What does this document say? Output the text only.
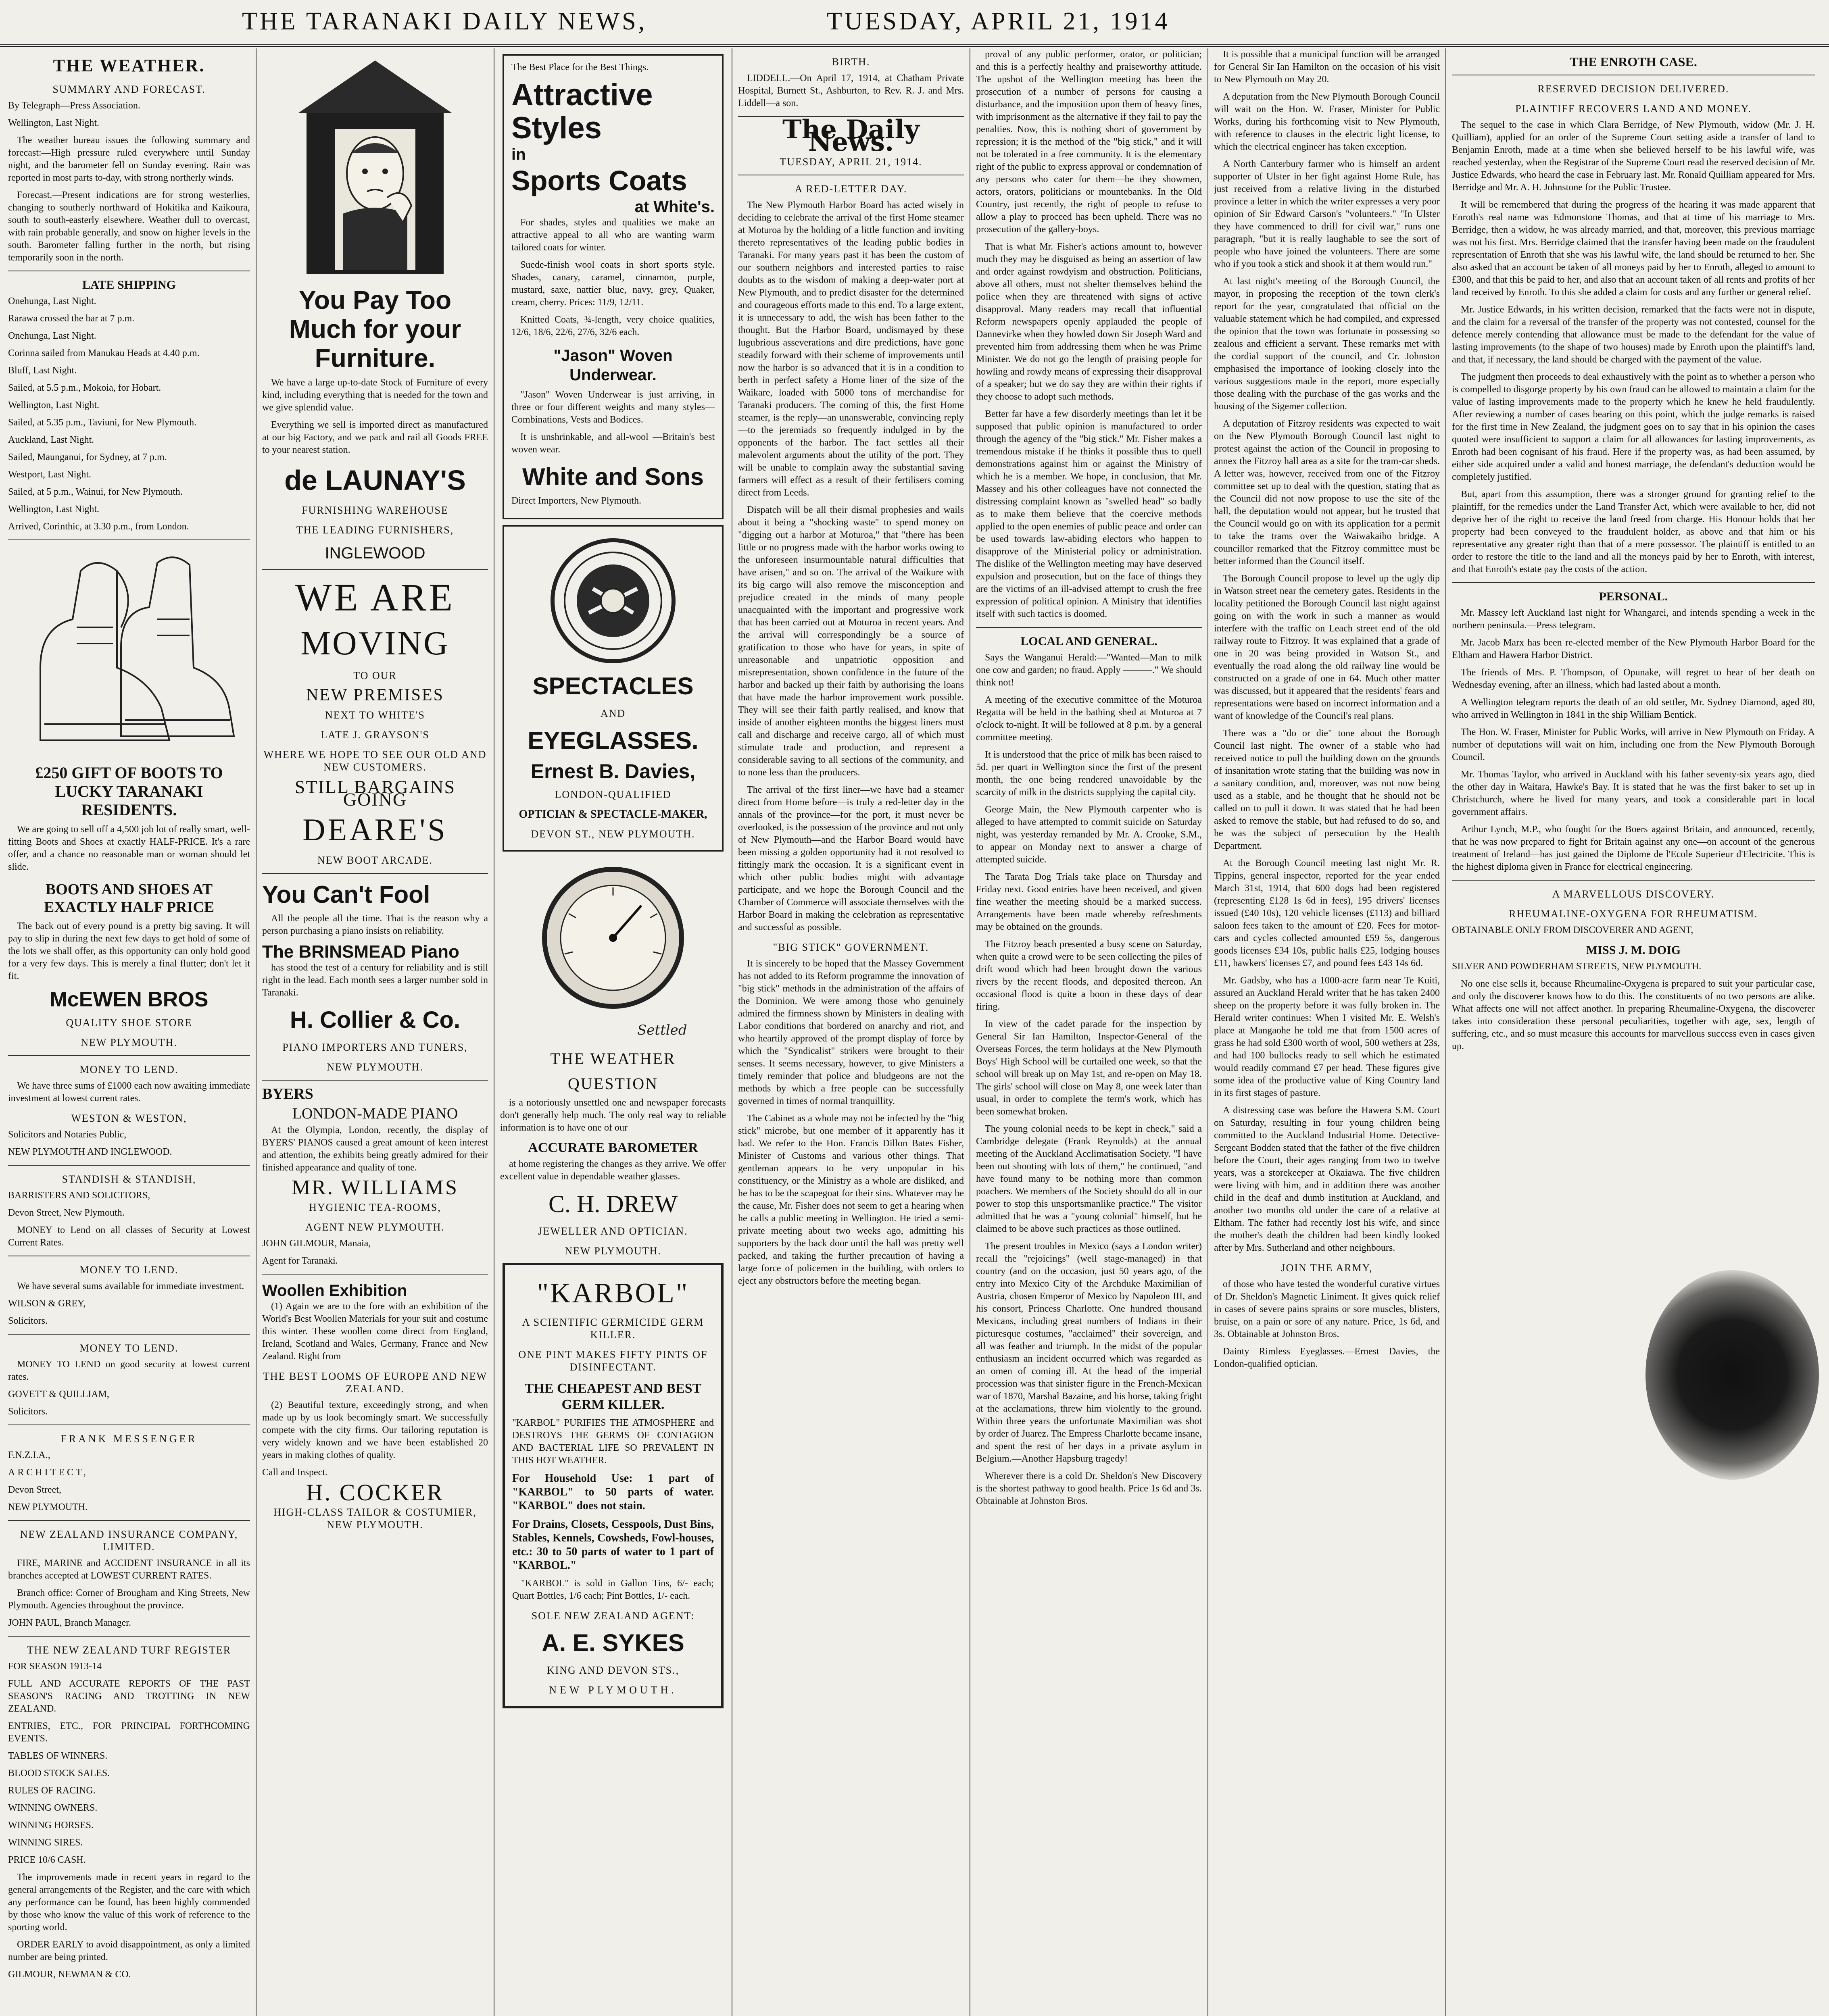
THE TARANAKI DAILY NEWS,	TUESDAY, APRIL 21, 1914
THE WEATHER.
SUMMARY AND FORECAST.

By Telegraph—Press Association.

Wellington, Last Night.

The weather bureau issues the following summary and forecast:—High pressure ruled everywhere until Sunday night, and the barometer fell on Sunday evening. Rain was reported in most parts to-day, with strong northerly winds.

Forecast.—Present indications are for strong westerlies, changing to southerly northward of Hokitika and Kaikoura, south to south-easterly elsewhere. Weather dull to overcast, with rain probable generally, and snow on higher levels in the south. Barometer falling further in the north, but rising temporarily soon in the north.

LATE SHIPPING

Onehunga, Last Night.

Rarawa crossed the bar at 7 p.m.

Onehunga, Last Night.

Corinna sailed from Manukau Heads at 4.40 p.m.

Bluff, Last Night.

Sailed, at 5.5 p.m., Mokoia, for Hobart.

Wellington, Last Night.

Sailed, at 5.35 p.m., Taviuni, for New Plymouth.

Auckland, Last Night.

Sailed, Maunganui, for Sydney, at 7 p.m.

Westport, Last Night.

Sailed, at 5 p.m., Wainui, for New Plymouth.

Wellington, Last Night.

Arrived, Corinthic, at 3.30 p.m., from London.

£250 GIFT OF BOOTS TO LUCKY TARANAKI RESIDENTS.

We are going to sell off a 4,500 job lot of really smart, well-fitting Boots and Shoes at exactly HALF-PRICE. It's a rare offer, and a chance no reasonable man or woman should let slide.

BOOTS AND SHOES AT EXACTLY HALF PRICE

The back out of every pound is a pretty big saving. It will pay to slip in during the next few days to get hold of some of the lots we shall offer, as this opportunity can only hold good for a very few days. This is merely a final flutter; don't let it fit.

McEWEN BROS
QUALITY SHOE STORE
NEW PLYMOUTH.
MONEY TO LEND.

We have three sums of £1000 each now awaiting immediate investment at lowest current rates.

WESTON & WESTON,

Solicitors and Notaries Public,

NEW PLYMOUTH AND INGLEWOOD.

STANDISH & STANDISH,

BARRISTERS AND SOLICITORS,

Devon Street, New Plymouth.

MONEY to Lend on all classes of Security at Lowest Current Rates.

MONEY TO LEND.

We have several sums available for immediate investment.

WILSON & GREY,

Solicitors.

MONEY TO LEND.

MONEY TO LEND on good security at lowest current rates.

GOVETT & QUILLIAM,

Solicitors.

FRANK MESSENGER

F.N.Z.I.A.,

ARCHITECT,

Devon Street,

NEW PLYMOUTH.

NEW ZEALAND INSURANCE COMPANY, LIMITED.

FIRE, MARINE and ACCIDENT INSURANCE in all its branches accepted at LOWEST CURRENT RATES.

Branch office: Corner of Brougham and King Streets, New Plymouth. Agencies throughout the province.

JOHN PAUL, Branch Manager.

THE NEW ZEALAND TURF REGISTER

FOR SEASON 1913-14

FULL AND ACCURATE REPORTS OF THE PAST SEASON'S RACING AND TROTTING IN NEW ZEALAND.

ENTRIES, ETC., FOR PRINCIPAL FORTHCOMING EVENTS.

TABLES OF WINNERS.

BLOOD STOCK SALES.

RULES OF RACING.

WINNING OWNERS.

WINNING HORSES.

WINNING SIRES.

PRICE 10/6 CASH.

The improvements made in recent years in regard to the general arrangements of the Register, and the care with which any performance can be found, has been highly commended by those who know the value of this work of reference to the sporting world.

ORDER EARLY to avoid disappointment, as only a limited number are being printed.

GILMOUR, NEWMAN & CO.

You Pay Too Much for your Furniture.

We have a large up-to-date Stock of Furniture of every kind, including everything that is needed for the town and we give splendid value.

Everything we sell is imported direct as manufactured at our big Factory, and we pack and rail all Goods FREE to your nearest station.

de LAUNAY'S
FURNISHING WAREHOUSE
THE LEADING FURNISHERS,
INGLEWOOD
WE ARE
MOVING
TO OUR
NEW PREMISES
NEXT TO WHITE'S
LATE J. GRAYSON'S
WHERE WE HOPE TO SEE OUR OLD AND NEW CUSTOMERS.
STILL BARGAINS GOING
DEARE'S
NEW BOOT ARCADE.
You Can't Fool

All the people all the time. That is the reason why a person purchasing a piano insists on reliability.

The BRINSMEAD Piano

has stood the test of a century for reliability and is still right in the lead. Each month sees a larger number sold in Taranaki.

H. Collier & Co.
PIANO IMPORTERS AND TUNERS,
NEW PLYMOUTH.
BYERS
LONDON-MADE PIANO

At the Olympia, London, recently, the display of BYERS' PIANOS caused a great amount of keen interest and attention, the exhibits being greatly admired for their finished appearance and quality of tone.

MR. WILLIAMS
HYGIENIC TEA-ROOMS,
AGENT NEW PLYMOUTH.

JOHN GILMOUR, Manaia,

Agent for Taranaki.

Woollen Exhibition

(1) Again we are to the fore with an exhibition of the World's Best Woollen Materials for your suit and costume this winter. These woollen come direct from England, Ireland, Scotland and Wales, Germany, France and New Zealand. Right from

THE BEST LOOMS OF EUROPE AND NEW ZEALAND.

(2) Beautiful texture, exceedingly strong, and when made up by us look becomingly smart. We successfully compete with the city firms. Our tailoring reputation is very widely known and we have been established 20 years in making clothes of quality.

Call and Inspect.

H. COCKER
HIGH-CLASS TAILOR & COSTUMIER, NEW PLYMOUTH.

The Best Place for the Best Things.

Attractive
Styles
in
Sports Coats
at White's.

For shades, styles and qualities we make an attractive appeal to all who are wanting warm tailored coats for winter.

Suede-finish wool coats in short sports style. Shades, canary, caramel, cinnamon, purple, mustard, saxe, nattier blue, navy, grey, Quaker, cream, cherry. Prices: 11/9, 12/11.

Knitted Coats, ¾-length, very choice qualities, 12/6, 18/6, 22/6, 27/6, 32/6 each.

"Jason" Woven Underwear.

"Jason" Woven Underwear is just arriving, in three or four different weights and many styles—Combinations, Vests and Bodices.

It is unshrinkable, and all-wool —Britain's best woven wear.

White and Sons

Direct Importers, New Plymouth.

SPECTACLES
AND
EYEGLASSES.
Ernest B. Davies,
LONDON-QUALIFIED
OPTICIAN & SPECTACLE-MAKER,
DEVON ST., NEW PLYMOUTH.
Settled
THE WEATHER
QUESTION

is a notoriously unsettled one and newspaper forecasts don't generally help much. The only real way to reliable information is to have one of our

ACCURATE BAROMETER

at home registering the changes as they arrive. We offer excellent value in dependable weather glasses.

C. H. DREW
JEWELLER AND OPTICIAN.
NEW PLYMOUTH.
"KARBOL"
A SCIENTIFIC GERMICIDE GERM KILLER.
ONE PINT MAKES FIFTY PINTS OF DISINFECTANT.
THE CHEAPEST AND BEST GERM KILLER.

"KARBOL" PURIFIES THE ATMOSPHERE and DESTROYS THE GERMS OF CONTAGION AND BACTERIAL LIFE SO PREVALENT IN THIS HOT WEATHER.

For Household Use: 1 part of "KARBOL" to 50 parts of water. "KARBOL" does not stain.

For Drains, Closets, Cesspools, Dust Bins, Stables, Kennels, Cowsheds, Fowl-houses, etc.: 30 to 50 parts of water to 1 part of "KARBOL."

"KARBOL" is sold in Gallon Tins, 6/- each; Quart Bottles, 1/6 each; Pint Bottles, 1/- each.

SOLE NEW ZEALAND AGENT:
A. E. SYKES
KING AND DEVON STS.,
NEW PLYMOUTH.
BIRTH.

LIDDELL.—On April 17, 1914, at Chatham Private Hospital, Burnett St., Ashburton, to Rev. R. J. and Mrs. Liddell—a son.

The Daily News.
TUESDAY, APRIL 21, 1914.
A RED-LETTER DAY.

The New Plymouth Harbor Board has acted wisely in deciding to celebrate the arrival of the first Home steamer at Moturoa by the holding of a little function and inviting thereto representatives of the leading public bodies in Taranaki. For many years past it has been the custom of our southern neighbors and interested parties to raise doubts as to the wisdom of making a deep-water port at New Plymouth, and to predict disaster for the determined and courageous efforts made to this end. To a large extent, it is unnecessary to add, the wish has been father to the thought. But the Harbor Board, undismayed by these lugubrious asseverations and dire predictions, have gone steadily forward with their scheme of improvements until now the harbor is so advanced that it is in a condition to berth in perfect safety a Home liner of the size of the Waikare, loaded with 5000 tons of merchandise for Taranaki producers. The coming of this, the first Home steamer, is the reply—an unanswerable, convincing reply—to the jeremiads so frequently indulged in by the opponents of the harbor. The fact settles all their malevolent arguments about the utility of the port. They will be unable to complain away the substantial saving farmers will effect as a result of their fertilisers coming direct from Leeds.

Dispatch will be all their dismal prophesies and wails about it being a "shocking waste" to spend money on "digging out a harbor at Moturoa," that "there has been little or no progress made with the harbor works owing to the unforeseen insurmountable natural difficulties that have arisen," and so on. The arrival of the Waikure with its big cargo will also remove the misconception and prejudice created in the minds of many people unacquainted with the important and progressive work that has been carried out at Moturoa in recent years. And the arrival will correspondingly be a source of gratification to those who have for years, in spite of unreasonable and unpatriotic opposition and misrepresentation, shown confidence in the future of the harbor and backed up their faith by authorising the loans that have made the harbor improvement work possible. They will see their faith partly realised, and know that inside of another eighteen months the biggest liners must call and discharge and receive cargo, all of which must stimulate trade and production, and represent a considerable saving to all sections of the community, and to none less than the producers.

The arrival of the first liner—we have had a steamer direct from Home before—is truly a red-letter day in the annals of the province—for the port, it must never be overlooked, is the possession of the province and not only of New Plymouth—and the Harbor Board would have been missing a golden opportunity had it not resolved to fittingly mark the occasion. It is a significant event in which other public bodies might with advantage participate, and we hope the Borough Council and the Chamber of Commerce will associate themselves with the Harbor Board in making the celebration as representative and successful as possible.

"BIG STICK" GOVERNMENT.

It is sincerely to be hoped that the Massey Government has not added to its Reform programme the innovation of "big stick" methods in the administration of the affairs of the Dominion. We were among those who genuinely admired the firmness shown by Ministers in dealing with Labor conditions that bordered on anarchy and riot, and who heartily approved of the prompt display of force by which the "Syndicalist" strikers were brought to their senses. It seems necessary, however, to give Ministers a timely reminder that police and bludgeons are not the methods by which a free people can be successfully governed in times of normal tranquillity.

The Cabinet as a whole may not be infected by the "big stick" microbe, but one member of it apparently has it bad. We refer to the Hon. Francis Dillon Bates Fisher, Minister of Customs and various other things. That gentleman appears to be very unpopular in his constituency, or the Ministry as a whole are disliked, and he has to be the scapegoat for their sins. Whatever may be the cause, Mr. Fisher does not seem to get a hearing when he calls a public meeting in Wellington. He tried a semi-private meeting about two weeks ago, admitting his supporters by the back door until the hall was pretty well packed, and taking the further precaution of having a large force of policemen in the building, with orders to eject any obstructors before the meeting began.

proval of any public performer, orator, or politician; and this is a perfectly healthy and praiseworthy attitude. The upshot of the Wellington meeting has been the prosecution of a number of persons for causing a disturbance, and the imposition upon them of heavy fines, with imprisonment as the alternative if they fail to pay the penalties. Now, this is nothing short of government by repression; it is the method of the "big stick," and it will not be tolerated in a free community. It is the elementary right of the public to express approval or condemnation of any persons who cater for them—be they showmen, actors, orators, politicians or mountebanks. In the Old Country, just recently, the right of people to refuse to allow a play to proceed has been upheld. There was no prosecution of the gallery-boys.

That is what Mr. Fisher's actions amount to, however much they may be disguised as being an assertion of law and order against rowdyism and obstruction. Politicians, above all others, must not shelter themselves behind the police when they are threatened with signs of active disapproval. Many readers may recall that influential Reform newspapers openly applauded the people of Dannevirke when they howled down Sir Joseph Ward and prevented him from addressing them when he was Prime Minister. We do not go the length of praising people for howling and rowdy means of expressing their disapproval of a speaker; but we do say they are within their rights if they choose to adopt such methods.

Better far have a few disorderly meetings than let it be supposed that public opinion is manufactured to order through the agency of the "big stick." Mr. Fisher makes a tremendous mistake if he thinks it possible thus to quell demonstrations against him or against the Ministry of which he is a member. We hope, in conclusion, that Mr. Massey and his other colleagues have not connected the distressing complaint known as "swelled head" so badly as to make them believe that the coercive methods applied to the open enemies of public peace and order can be used towards law-abiding electors who happen to disapprove of the Ministerial policy or administration. The dislike of the Wellington meeting may have deserved expulsion and prosecution, but on the face of things they are the victims of an ill-advised attempt to crush the free expression of political opinion. A Ministry that identifies itself with such tactics is doomed.

LOCAL AND GENERAL.

Says the Wanganui Herald:—"Wanted—Man to milk one cow and garden; no fraud. Apply ———." We should think not!

A meeting of the executive committee of the Moturoa Regatta will be held in the bathing shed at Moturoa at 7 o'clock to-night. It will be followed at 8 p.m. by a general committee meeting.

It is understood that the price of milk has been raised to 5d. per quart in Wellington since the first of the present month, the one being rendered unavoidable by the scarcity of milk in the districts supplying the capital city.

George Main, the New Plymouth carpenter who is alleged to have attempted to commit suicide on Saturday night, was yesterday remanded by Mr. A. Crooke, S.M., to appear on Monday next to answer a charge of attempted suicide.

The Tarata Dog Trials take place on Thursday and Friday next. Good entries have been received, and given fine weather the meeting should be a marked success. Arrangements have been made whereby refreshments may be obtained on the grounds.

The Fitzroy beach presented a busy scene on Saturday, when quite a crowd were to be seen collecting the piles of drift wood which had been brought down the various rivers by the recent floods, and deposited thereon. An occasional flood is quite a boon in these days of dear firing.

In view of the cadet parade for the inspection by General Sir Ian Hamilton, Inspector-General of the Overseas Forces, the term holidays at the New Plymouth Boys' High School will be curtailed one week, so that the school will break up on May 1st, and re-open on May 18. The girls' school will close on May 8, one week later than usual, in order to complete the term's work, which has been somewhat broken.

The young colonial needs to be kept in check," said a Cambridge delegate (Frank Reynolds) at the annual meeting of the Auckland Acclimatisation Society. "I have been out shooting with lots of them," he continued, "and have found many to be nothing more than common poachers. We members of the Society should do all in our power to stop this unsportsmanlike practice." The visitor admitted that he was a "young colonial" himself, but he claimed to be above such practices as those outlined.

The present troubles in Mexico (says a London writer) recall the "rejoicings" (well stage-managed) in that country (and on the occasion, just 50 years ago, of the entry into Mexico City of the Archduke Maximilian of Austria, chosen Emperor of Mexico by Napoleon III, and his consort, Princess Charlotte. One hundred thousand Mexicans, including great numbers of Indians in their picturesque costumes, "acclaimed" their sovereign, and all was feather and triumph. In the midst of the popular enthusiasm an incident occurred which was regarded as an omen of coming ill. At the head of the imperial procession was that sinister figure in the French-Mexican war of 1870, Marshal Bazaine, and his horse, taking fright at the acclamations, threw him violently to the ground. Within three years the unfortunate Maximilian was shot by order of Juarez. The Empress Charlotte became insane, and spent the rest of her days in a private asylum in Belgium.—Another Hapsburg tragedy!

Wherever there is a cold Dr. Sheldon's New Discovery is the shortest pathway to good health. Price 1s 6d and 3s. Obtainable at Johnston Bros.

It is possible that a municipal function will be arranged for General Sir Ian Hamilton on the occasion of his visit to New Plymouth on May 20.

A deputation from the New Plymouth Borough Council will wait on the Hon. W. Fraser, Minister for Public Works, during his forthcoming visit to New Plymouth, with reference to clauses in the electric light license, to which the electrical engineer has taken exception.

A North Canterbury farmer who is himself an ardent supporter of Ulster in her fight against Home Rule, has just received from a relative living in the disturbed province a letter in which the writer expresses a very poor opinion of Sir Edward Carson's "volunteers." "In Ulster they have commenced to drill for civil war," runs one paragraph, "but it is really laughable to see the sort of people who have joined the volunteers. There are some who if you took a stick and shook it at them would run."

At last night's meeting of the Borough Council, the mayor, in proposing the reception of the town clerk's report for the year, congratulated that official on the valuable statement which he had compiled, and expressed the opinion that the town was fortunate in possessing so zealous and efficient a servant. These remarks met with the cordial support of the council, and Cr. Johnston emphasised the importance of looking closely into the various suggestions made in the report, more especially those dealing with the purchase of the gas works and the housing of the Sigemer collection.

A deputation of Fitzroy residents was expected to wait on the New Plymouth Borough Council last night to protest against the action of the Council in proposing to annex the Fitzroy hall area as a site for the tram-car sheds. A letter was, however, received from one of the Fitzroy committee set up to deal with the question, stating that as the Council did not now propose to use the site of the hall, the deputation would not appear, but he trusted that the Council would go on with its application for a permit to take the trams over the Waiwakaiho bridge. A councillor remarked that the Fitzroy committee must be better informed than the Council itself.

The Borough Council propose to level up the ugly dip in Watson street near the cemetery gates. Residents in the locality petitioned the Borough Council last night against going on with the work in such a manner as would interfere with the traffic on Leach street end of the old railway route to Fitzroy. It was explained that a grade of one in 20 was being provided in Watson St., and eventually the road along the old railway line would be constructed on a grade of one in 64. Much other matter was discussed, but it appeared that the residents' fears and representations were based on incorrect information and a want of knowledge of the Council's real plans.

There was a "do or die" tone about the Borough Council last night. The owner of a stable who had received notice to pull the building down on the grounds of insanitation wrote stating that the building was now in a sanitary condition, and, moreover, was not now being used as a stable, and he thought that he should not be called on to pull it down. It was stated that he had been asked to remove the stable, but had refused to do so, and he was the subject of persecution by the Health Department.

At the Borough Council meeting last night Mr. R. Tippins, general inspector, reported for the year ended March 31st, 1914, that 600 dogs had been registered (representing £128 1s 6d in fees), 195 drivers' licenses issued (£40 10s), 120 vehicle licenses (£113) and billiard saloon fees taken to the amount of £20. Fees for motor-cars and cycles collected amounted £59 5s, dangerous goods licenses £34 10s, public halls £25, lodging houses £11, hawkers' licenses £7, and pound fees £43 14s 6d.

Mr. Gadsby, who has a 1000-acre farm near Te Kuiti, assured an Auckland Herald writer that he has taken 2400 sheep on the property before it was fully broken in. The Herald writer continues: When I visited Mr. E. Welsh's place at Mangaohe he told me that from 1500 acres of grass he had sold £300 worth of wool, 500 wethers at 23s, and had 100 bullocks ready to sell which he estimated would readily command £7 per head. These figures give some idea of the productive value of King Country land in its first stages of pasture.

A distressing case was before the Hawera S.M. Court on Saturday, resulting in four young children being committed to the Auckland Industrial Home. Detective-Sergeant Bodden stated that the father of the five children before the Court, their ages ranging from two to twelve years, was a storekeeper at Okaiawa. The five children were living with him, and in addition there was another child in the deaf and dumb institution at Auckland, and another two months old under the care of a relative at Eltham. The father had recently lost his wife, and since the mother's death the children had been kindly looked after by Mrs. Sutherland and other neighbours.

JOIN THE ARMY,

of those who have tested the wonderful curative virtues of Dr. Sheldon's Magnetic Liniment. It gives quick relief in cases of severe pains sprains or sore muscles, blisters, bruise, on a pain or sore of any nature. Price, 1s 6d, and 3s. Obtainable at Johnston Bros.

Dainty Rimless Eyeglasses.—Ernest Davies, the London-qualified optician.

THE ENROTH CASE.
RESERVED DECISION DELIVERED.
PLAINTIFF RECOVERS LAND AND MONEY.

The sequel to the case in which Clara Berridge, of New Plymouth, widow (Mr. J. H. Quilliam), applied for an order of the Supreme Court setting aside a transfer of land to Benjamin Enroth, made at a time when she believed herself to be his lawful wife, was reached yesterday, when the Registrar of the Supreme Court read the reserved decision of Mr. Justice Edwards, who heard the case in February last. Mr. Ronald Quilliam appeared for Mrs. Berridge and Mr. A. H. Johnstone for the Public Trustee.

It will be remembered that during the progress of the hearing it was made apparent that Enroth's real name was Edmonstone Thomas, and that at time of his marriage to Mrs. Berridge, then a widow, he was already married, and that, moreover, this previous marriage was not his first. Mrs. Berridge claimed that the transfer having been made on the fraudulent representation of Enroth that she was his lawful wife, the land should be returned to her. She also asked that an account be taken of all moneys paid by her to Enroth, alleged to amount to £300, and that this be paid to her, and also that an account taken of all rents and profits of her land received by Enroth. To this she added a claim for costs and any further or general relief.

Mr. Justice Edwards, in his written decision, remarked that the facts were not in dispute, and the claim for a reversal of the transfer of the property was not contested, counsel for the defence merely contending that allowance must be made to the defendant for the value of lasting improvements (to the shape of two houses) made by Enroth upon the plaintiff's land, and that, if necessary, the land should be charged with the payment of the value.

The judgment then proceeds to deal exhaustively with the point as to whether a person who is compelled to disgorge property by his own fraud can be allowed to maintain a claim for the value of lasting improvements made to the property which he knew he held fraudulently. After reviewing a number of cases bearing on this point, which the judge remarks is raised for the first time in New Zealand, the judgment goes on to say that in his opinion the cases quoted were insufficient to support a claim for all allowances for lasting improvements, as Enroth had been cognisant of his fraud. Here if the property was, as had been assumed, by either side acquired under a valid and honest marriage, the defendant's deduction would be completely justified.

But, apart from this assumption, there was a stronger ground for granting relief to the plaintiff, for the remedies under the Land Transfer Act, which were available to her, did not deprive her of the right to receive the land freed from charge. His Honour holds that her property had been conveyed to the fraudulent holder, as above and that him or his representative any greater right than that of a mere possessor. The plaintiff is entitled to an order to restore the title to the land and all the moneys paid by her to Enroth, with interest, and that Enroth's estate pay the costs of the action.

PERSONAL.

Mr. Massey left Auckland last night for Whangarei, and intends spending a week in the northern peninsula.—Press telegram.

Mr. Jacob Marx has been re-elected member of the New Plymouth Harbor Board for the Eltham and Hawera Harbor District.

The friends of Mrs. P. Thompson, of Opunake, will regret to hear of her death on Wednesday evening, after an illness, which had lasted about a month.

A Wellington telegram reports the death of an old settler, Mr. Sydney Diamond, aged 80, who arrived in Wellington in 1841 in the ship William Bentick.

The Hon. W. Fraser, Minister for Public Works, will arrive in New Plymouth on Friday. A number of deputations will wait on him, including one from the New Plymouth Borough Council.

Mr. Thomas Taylor, who arrived in Auckland with his father seventy-six years ago, died the other day in Waitara, Hawke's Bay. It is stated that he was the first baker to set up in Christchurch, where he lived for many years, and took a considerable part in local government affairs.

Arthur Lynch, M.P., who fought for the Boers against Britain, and announced, recently, that he was now prepared to fight for Britain against any one—on account of the generous treatment of Ireland—has just gained the Diplome de l'Ecole Superieur d'Electricite. This is the highest diploma given in France for electrical engineering.

A MARVELLOUS DISCOVERY.
RHEUMALINE-OXYGENA FOR RHEUMATISM.

OBTAINABLE ONLY FROM DISCOVERER AND AGENT,

MISS J. M. DOIG

SILVER AND POWDERHAM STREETS, NEW PLYMOUTH.

No one else sells it, because Rheumaline-Oxygena is prepared to suit your particular case, and only the discoverer knows how to do this. The constituents of no two persons are alike. What affects one will not affect another. In preparing Rheumaline-Oxygena, the discoverer takes into consideration these personal peculiarities, together with age, sex, length of suffering, etc., and so must measure this accounts for marvellous success even in cases given up.
